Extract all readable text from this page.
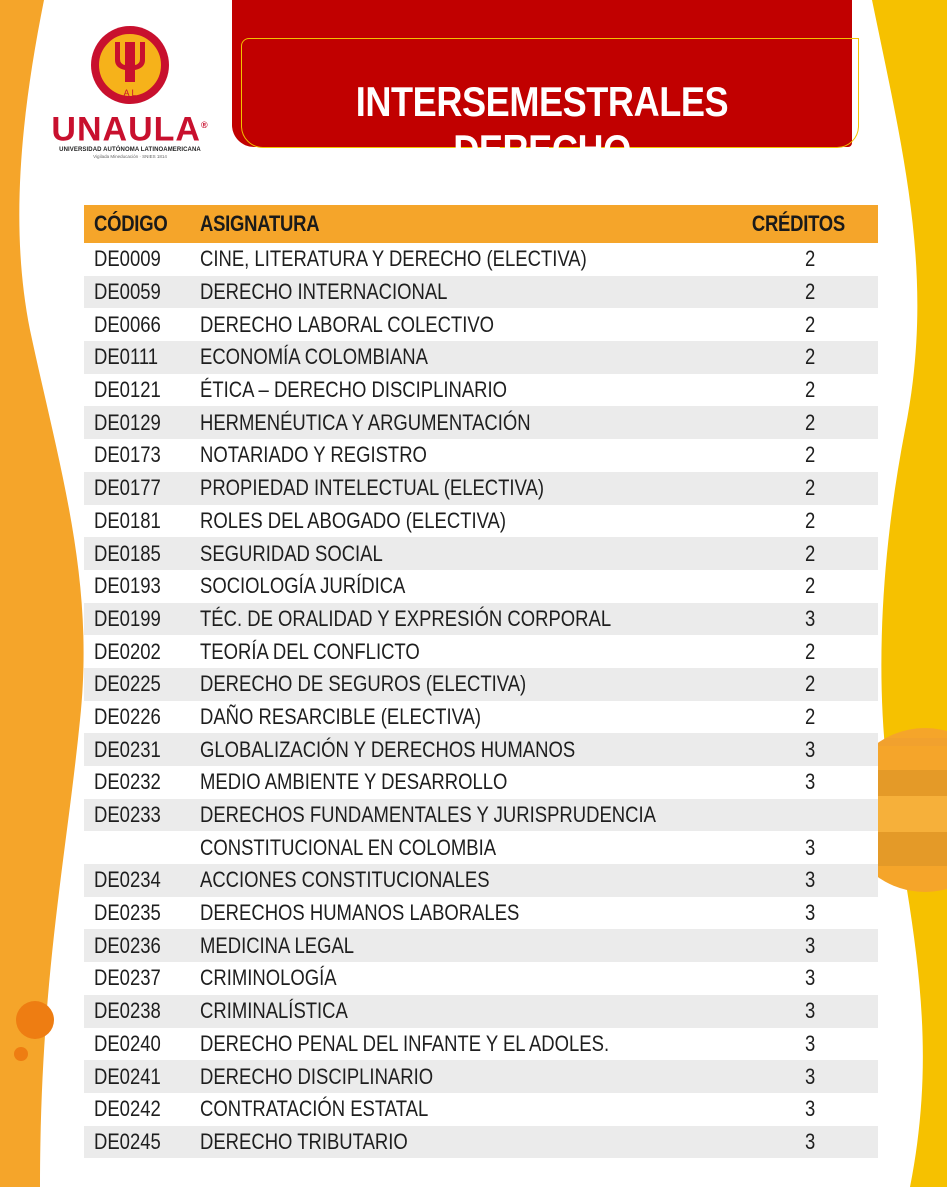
A L
UNAULA®
UNIVERSIDAD AUTÓNOMA LATINOAMERICANA
Vigilada Mineducación · SNIES 1814
INTERSEMESTRALES DERECHO
CÓDIGO	ASIGNATURA	CRÉDITOS
DE0009	CINE, LITERATURA Y DERECHO (ELECTIVA)	2
DE0059	DERECHO INTERNACIONAL	2
DE0066	DERECHO LABORAL COLECTIVO	2
DE0111	ECONOMÍA COLOMBIANA	2
DE0121	ÉTICA – DERECHO DISCIPLINARIO	2
DE0129	HERMENÉUTICA Y ARGUMENTACIÓN	2
DE0173	NOTARIADO Y REGISTRO	2
DE0177	PROPIEDAD INTELECTUAL (ELECTIVA)	2
DE0181	ROLES DEL ABOGADO (ELECTIVA)	2
DE0185	SEGURIDAD SOCIAL	2
DE0193	SOCIOLOGÍA JURÍDICA	2
DE0199	TÉC. DE ORALIDAD Y EXPRESIÓN CORPORAL	3
DE0202	TEORÍA DEL CONFLICTO	2
DE0225	DERECHO DE SEGUROS (ELECTIVA)	2
DE0226	DAÑO RESARCIBLE (ELECTIVA)	2
DE0231	GLOBALIZACIÓN Y DERECHOS HUMANOS	3
DE0232	MEDIO AMBIENTE Y DESARROLLO	3
DE0233	DERECHOS FUNDAMENTALES Y JURISPRUDENCIA	
	CONSTITUCIONAL EN COLOMBIA	3
DE0234	ACCIONES CONSTITUCIONALES	3
DE0235	DERECHOS HUMANOS LABORALES	3
DE0236	MEDICINA LEGAL	3
DE0237	CRIMINOLOGÍA	3
DE0238	CRIMINALÍSTICA	3
DE0240	DERECHO PENAL DEL INFANTE Y EL ADOLES.	3
DE0241	DERECHO DISCIPLINARIO	3
DE0242	CONTRATACIÓN ESTATAL	3
DE0245	DERECHO TRIBUTARIO	3
